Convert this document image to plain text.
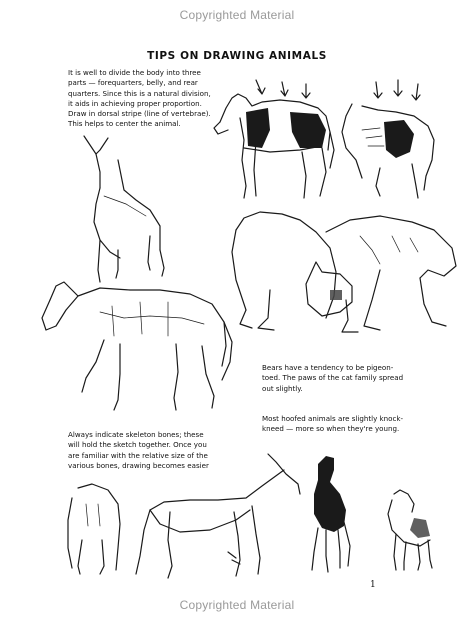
Copyrighted Material
TIPS ON DRAWING ANIMALS
It is well to divide the body into three
parts — forequarters, belly, and rear
quarters. Since this is a natural division,
it aids in achieving proper proportion.
Draw in dorsal stripe (line of vertebrae).
This helps to center the animal.
Bears have a tendency to be pigeon-
toed. The paws of the cat family spread
out slightly.
Always indicate skeleton bones; these
will hold the sketch together. Once you
are familiar with the relative size of the
various bones, drawing becomes easier
Most hoofed animals are slightly knock-
kneed — more so when they're young.
1
Copyrighted Material
